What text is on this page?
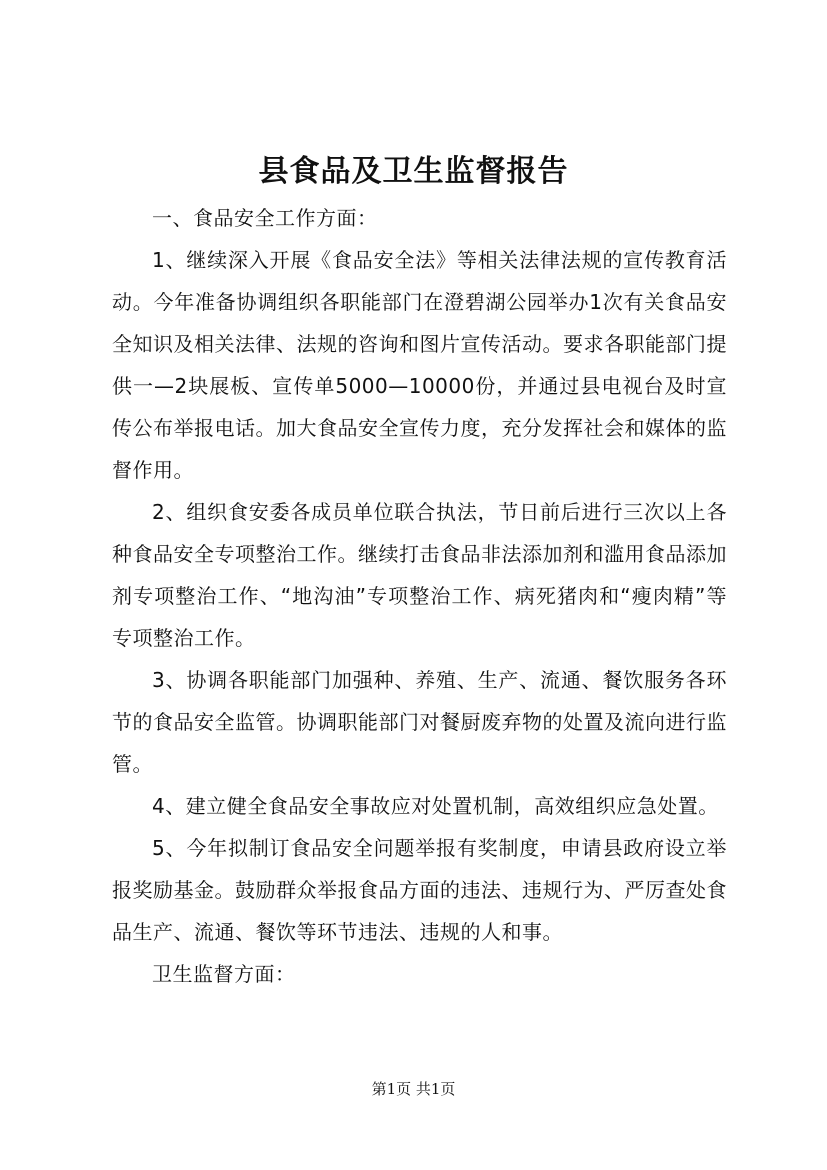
县食品及卫生监督报告

一、食品安全工作方面：

1、继续深入开展《食品安全法》等相关法律法规的宣传教育活动。今年准备协调组织各职能部门在澄碧湖公园举办1次有关食品安全知识及相关法律、法规的咨询和图片宣传活动。要求各职能部门提供一—2块展板、宣传单5000—10000份，并通过县电视台及时宣传公布举报电话。加大食品安全宣传力度，充分发挥社会和媒体的监督作用。

2、组织食安委各成员单位联合执法，节日前后进行三次以上各种食品安全专项整治工作。继续打击食品非法添加剂和滥用食品添加剂专项整治工作、“地沟油”专项整治工作、病死猪肉和“瘦肉精”等专项整治工作。

3、协调各职能部门加强种、养殖、生产、流通、餐饮服务各环节的食品安全监管。协调职能部门对餐厨废弃物的处置及流向进行监管。

4、建立健全食品安全事故应对处置机制，高效组织应急处置。

5、今年拟制订食品安全问题举报有奖制度，申请县政府设立举报奖励基金。鼓励群众举报食品方面的违法、违规行为、严厉查处食品生产、流通、餐饮等环节违法、违规的人和事。

卫生监督方面：

第1页 共1页
